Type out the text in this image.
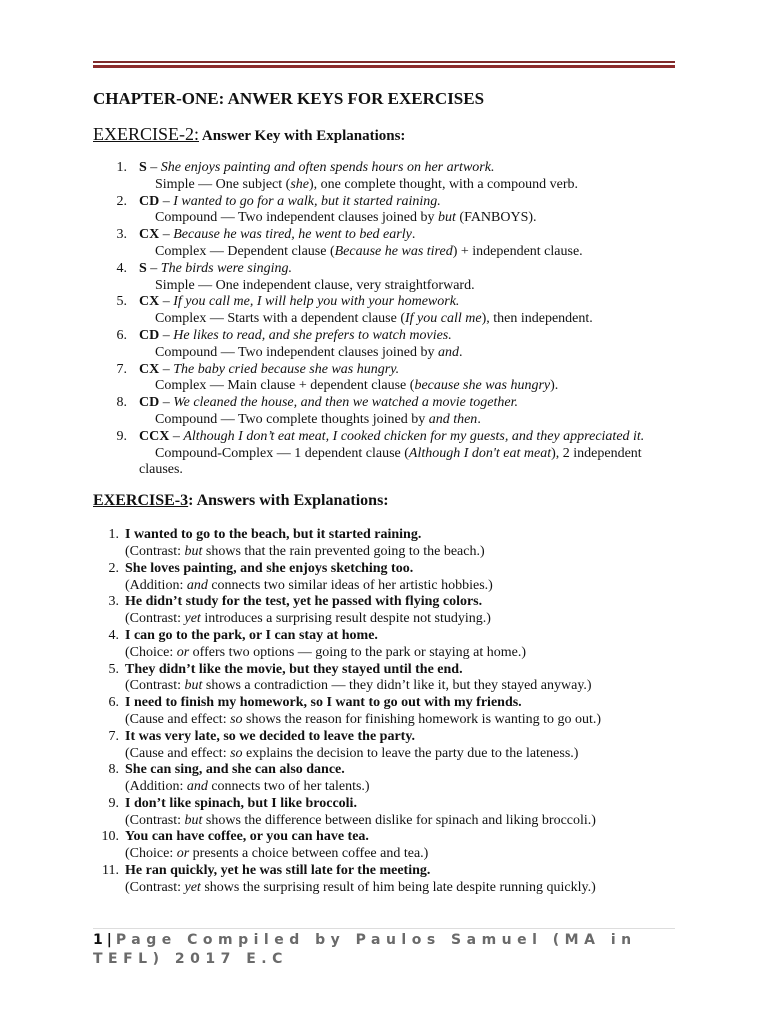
CHAPTER-ONE: ANWER KEYS FOR EXERCISES
EXERCISE-2: Answer Key with Explanations:
1. S – She enjoys painting and often spends hours on her artwork.
Simple — One subject (she), one complete thought, with a compound verb.
2. CD – I wanted to go for a walk, but it started raining.
Compound — Two independent clauses joined by but (FANBOYS).
3. CX – Because he was tired, he went to bed early.
Complex — Dependent clause (Because he was tired) + independent clause.
4. S – The birds were singing.
Simple — One independent clause, very straightforward.
5. CX – If you call me, I will help you with your homework.
Complex — Starts with a dependent clause (If you call me), then independent.
6. CD – He likes to read, and she prefers to watch movies.
Compound — Two independent clauses joined by and.
7. CX – The baby cried because she was hungry.
Complex — Main clause + dependent clause (because she was hungry).
8. CD – We cleaned the house, and then we watched a movie together.
Compound — Two complete thoughts joined by and then.
9. CCX – Although I don’t eat meat, I cooked chicken for my guests, and they appreciated it.
Compound-Complex — 1 dependent clause (Although I don't eat meat), 2 independent clauses.
EXERCISE-3: Answers with Explanations:
1. I wanted to go to the beach, but it started raining.
(Contrast: but shows that the rain prevented going to the beach.)
2. She loves painting, and she enjoys sketching too.
(Addition: and connects two similar ideas of her artistic hobbies.)
3. He didn’t study for the test, yet he passed with flying colors.
(Contrast: yet introduces a surprising result despite not studying.)
4. I can go to the park, or I can stay at home.
(Choice: or offers two options — going to the park or staying at home.)
5. They didn’t like the movie, but they stayed until the end.
(Contrast: but shows a contradiction — they didn’t like it, but they stayed anyway.)
6. I need to finish my homework, so I want to go out with my friends.
(Cause and effect: so shows the reason for finishing homework is wanting to go out.)
7. It was very late, so we decided to leave the party.
(Cause and effect: so explains the decision to leave the party due to the lateness.)
8. She can sing, and she can also dance.
(Addition: and connects two of her talents.)
9. I don’t like spinach, but I like broccoli.
(Contrast: but shows the difference between dislike for spinach and liking broccoli.)
10. You can have coffee, or you can have tea.
(Choice: or presents a choice between coffee and tea.)
11. He ran quickly, yet he was still late for the meeting.
(Contrast: yet shows the surprising result of him being late despite running quickly.)
1 | Page Compiled by Paulos Samuel (MA in TEFL) 2017 E.C
